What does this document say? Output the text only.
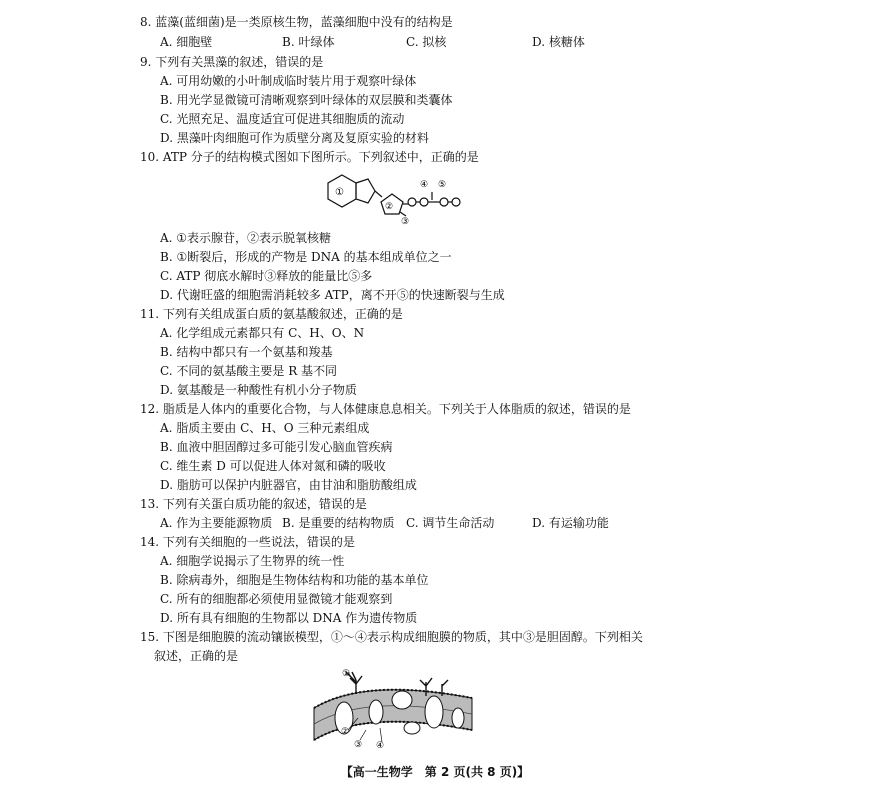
8. 蓝藻(蓝细菌)是一类原核生物，蓝藻细胞中没有的结构是
A. 细胞壁	B. 叶绿体	C. 拟核	D. 核糖体
9. 下列有关黑藻的叙述，错误的是
A. 可用幼嫩的小叶制成临时装片用于观察叶绿体
B. 用光学显微镜可清晰观察到叶绿体的双层膜和类囊体
C. 光照充足、温度适宜可促进其细胞质的流动
D. 黑藻叶肉细胞可作为质壁分离及复原实验的材料
10. ATP 分子的结构模式图如下图所示。下列叙述中，正确的是
①
②
③
④ ⑤
A. ①表示腺苷，②表示脱氧核糖
B. ①断裂后，形成的产物是 DNA 的基本组成单位之一
C. ATP 彻底水解时③释放的能量比⑤多
D. 代谢旺盛的细胞需消耗较多 ATP，离不开⑤的快速断裂与生成
11. 下列有关组成蛋白质的氨基酸叙述，正确的是
A. 化学组成元素都只有 C、H、O、N
B. 结构中都只有一个氨基和羧基
C. 不同的氨基酸主要是 R 基不同
D. 氨基酸是一种酸性有机小分子物质
12. 脂质是人体内的重要化合物，与人体健康息息相关。下列关于人体脂质的叙述，错误的是
A. 脂质主要由 C、H、O 三种元素组成
B. 血液中胆固醇过多可能引发心脑血管疾病
C. 维生素 D 可以促进人体对氮和磷的吸收
D. 脂肪可以保护内脏器官，由甘油和脂肪酸组成
13. 下列有关蛋白质功能的叙述，错误的是
A. 作为主要能源物质 B. 是重要的结构物质 C. 调节生命活动	D. 有运输功能
14. 下列有关细胞的一些说法，错误的是
A. 细胞学说揭示了生物界的统一性
B. 除病毒外，细胞是生物体结构和功能的基本单位
C. 所有的细胞都必须使用显微镜才能观察到
D. 所有具有细胞的生物都以 DNA 作为遗传物质
15. 下图是细胞膜的流动镶嵌模型，①～④表示构成细胞膜的物质，其中③是胆固醇。下列相关
叙述，正确的是
①
②
③ ④
【高一生物学　第 2 页(共 8 页)】
